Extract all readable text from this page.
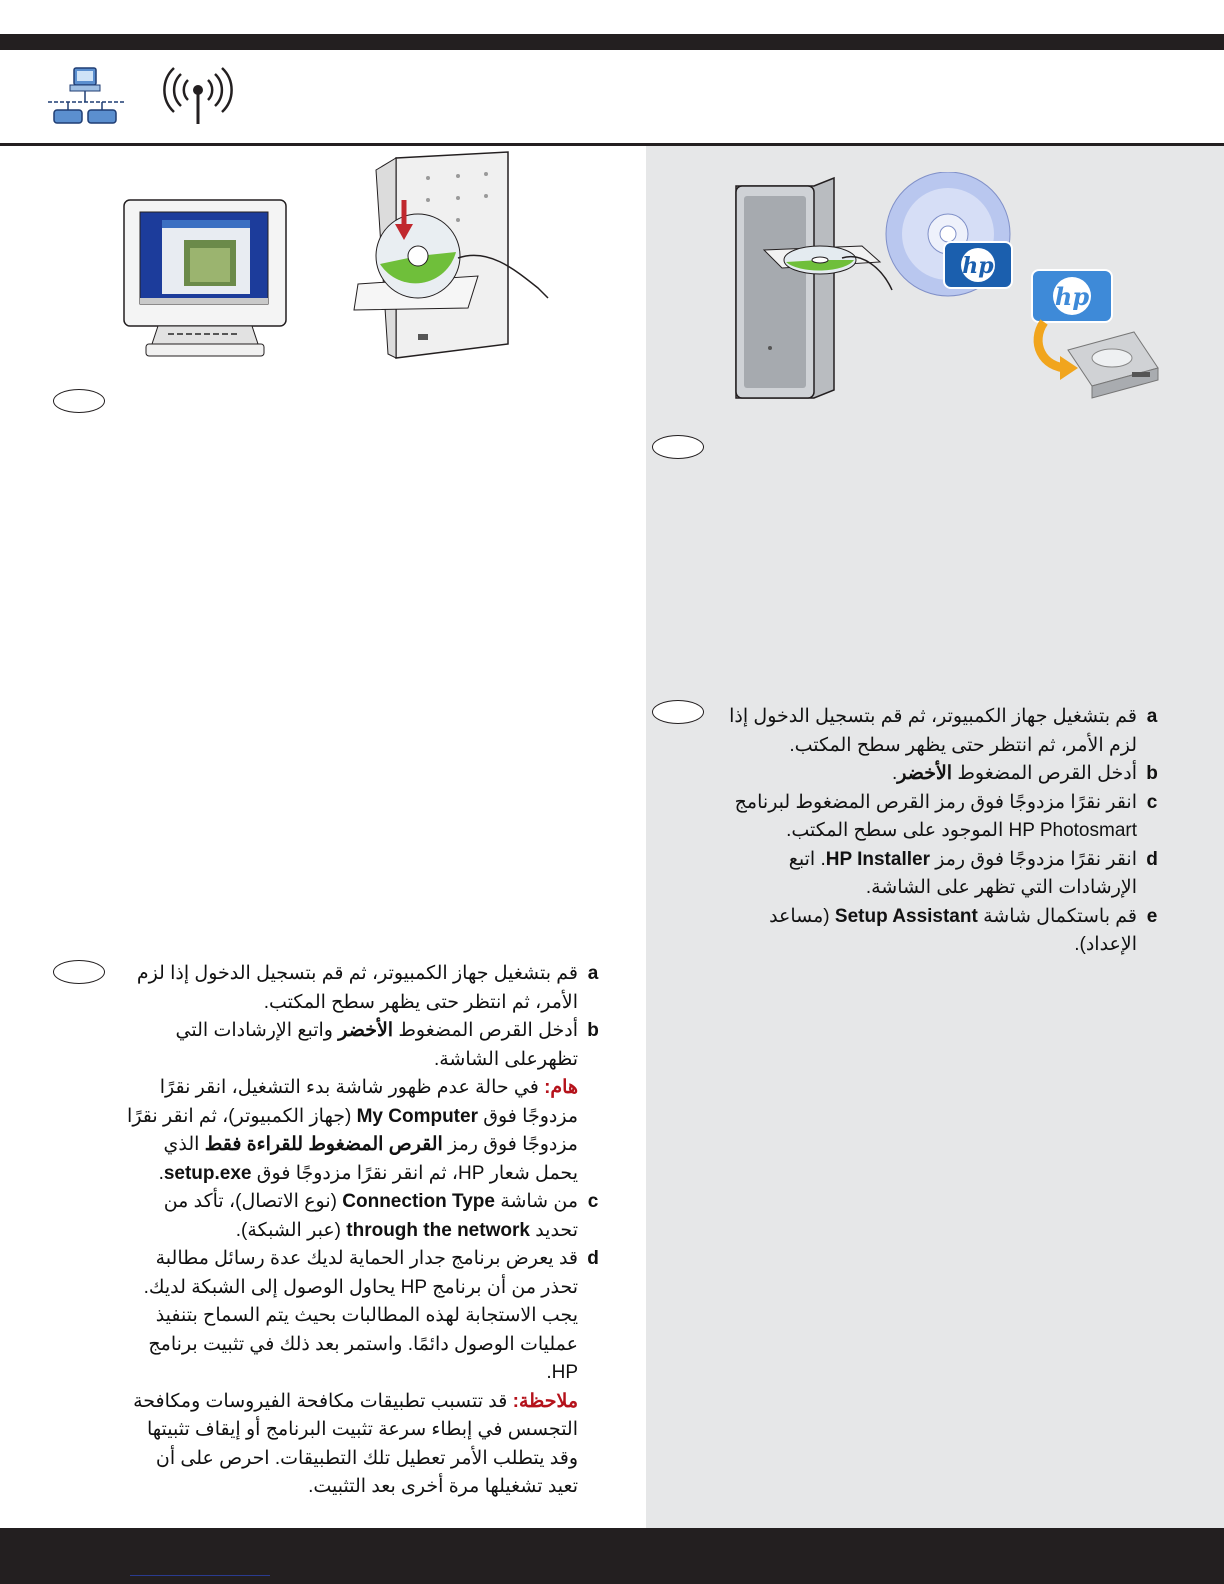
hp
hp
a
قم بتشغيل جهاز الكمبيوتر، ثم قم بتسجيل الدخول إذا لزم الأمر، ثم انتظر حتى يظهر سطح المكتب.
b
أدخل القرص المضغوط الأخضر.
c
انقر نقرًا مزدوجًا فوق رمز القرص المضغوط لبرنامج HP Photosmart الموجود على سطح المكتب.
d
انقر نقرًا مزدوجًا فوق رمز HP Installer. اتبع الإرشادات التي تظهر على الشاشة.
e
قم باستكمال شاشة Setup Assistant (مساعد الإعداد).
a
قم بتشغيل جهاز الكمبيوتر، ثم قم بتسجيل الدخول إذا لزم الأمر، ثم انتظر حتى يظهر سطح المكتب.
b
أدخل القرص المضغوط الأخضر واتبع الإرشادات التي تظهرعلى الشاشة.
هام: في حالة عدم ظهور شاشة بدء التشغيل، انقر نقرًا مزدوجًا فوق My Computer (جهاز الكمبيوتر)، ثم انقر نقرًا مزدوجًا فوق رمز القرص المضغوط للقراءة فقط الذي يحمل شعار HP، ثم انقر نقرًا مزدوجًا فوق setup.exe.
c
من شاشة Connection Type (نوع الاتصال)، تأكد من تحديد through the network (عبر الشبكة).
d
قد يعرض برنامج جدار الحماية لديك عدة رسائل مطالبة تحذر من أن برنامج HP يحاول الوصول إلى الشبكة لديك. يجب الاستجابة لهذه المطالبات بحيث يتم السماح بتنفيذ عمليات الوصول دائمًا. واستمر بعد ذلك في تثبيت برنامج HP.
ملاحظة: قد تتسبب تطبيقات مكافحة الفيروسات ومكافحة التجسس في إبطاء سرعة تثبيت البرنامج أو إيقاف تثبيتها وقد يتطلب الأمر تعطيل تلك التطبيقات. احرص على أن تعيد تشغيلها مرة أخرى بعد التثبيت.
